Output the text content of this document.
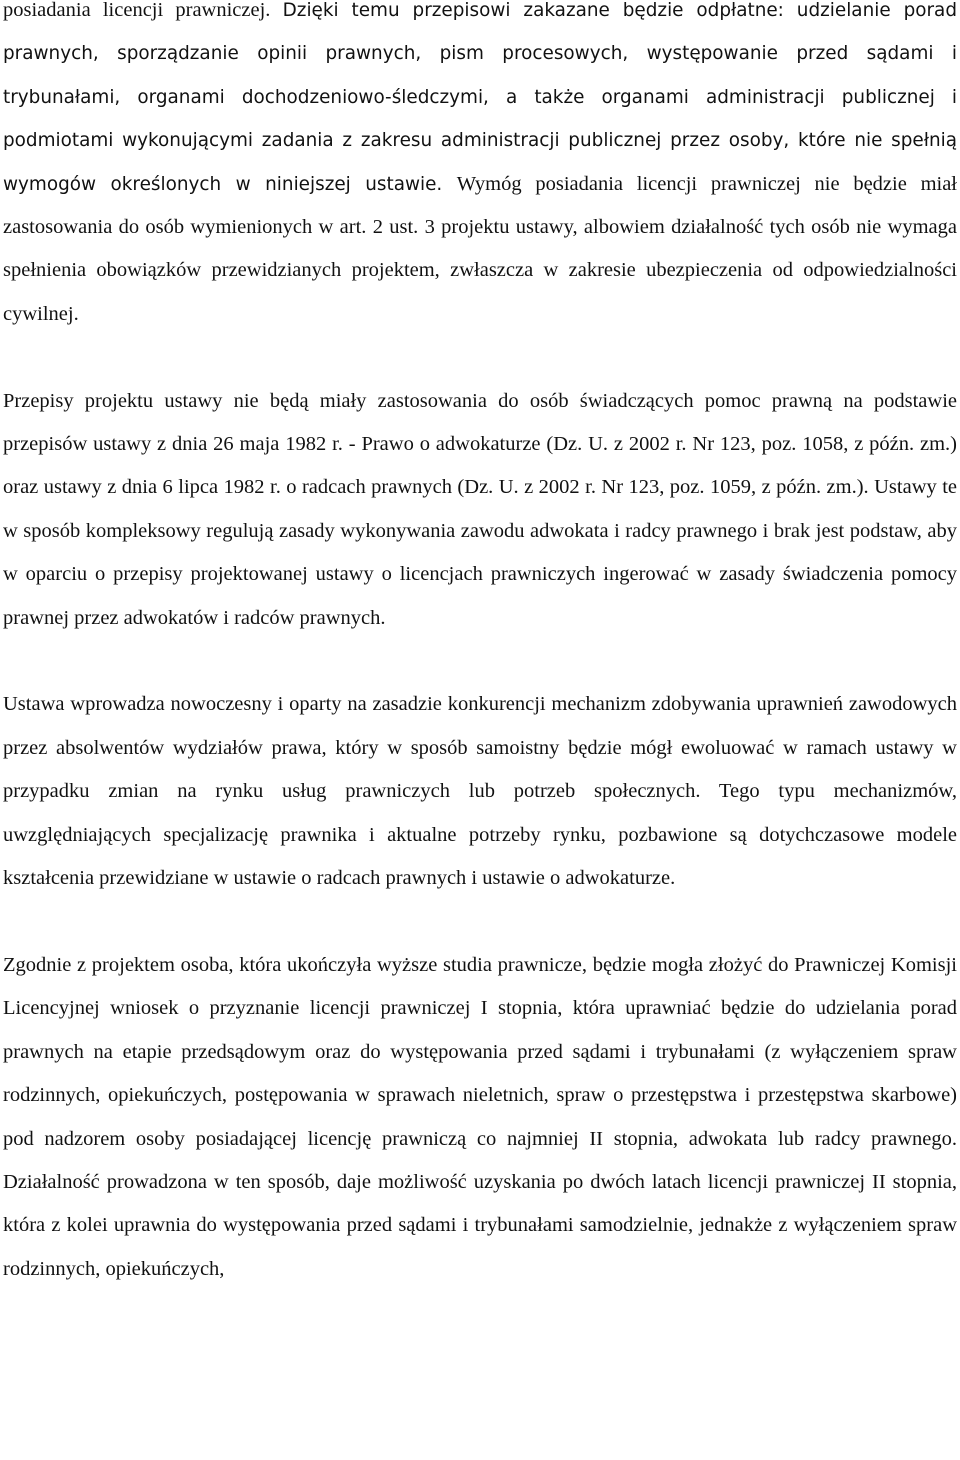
posiadania licencji prawniczej. Dzięki temu przepisowi zakazane będzie odpłatne: udzielanie porad prawnych, sporządzanie opinii prawnych, pism procesowych, występowanie przed sądami i trybunałami, organami dochodzeniowo-śledczymi, a także organami administracji publicznej i podmiotami wykonującymi zadania z zakresu administracji publicznej przez osoby, które nie spełnią wymogów określonych w niniejszej ustawie. Wymóg posiadania licencji prawniczej nie będzie miał zastosowania do osób wymienionych w art. 2 ust. 3 projektu ustawy, albowiem działalność tych osób nie wymaga spełnienia obowiązków przewidzianych projektem, zwłaszcza w zakresie ubezpieczenia od odpowiedzialności cywilnej.

Przepisy projektu ustawy nie będą miały zastosowania do osób świadczących pomoc prawną na podstawie przepisów ustawy z dnia 26 maja 1982 r. - Prawo o adwokaturze (Dz. U. z 2002 r. Nr 123, poz. 1058, z późn. zm.) oraz ustawy z dnia 6 lipca 1982 r. o radcach prawnych (Dz. U. z 2002 r. Nr 123, poz. 1059, z późn. zm.). Ustawy te w sposób kompleksowy regulują zasady wykonywania zawodu adwokata i radcy prawnego i brak jest podstaw, aby w oparciu o przepisy projektowanej ustawy o licencjach prawniczych ingerować w zasady świadczenia pomocy prawnej przez adwokatów i radców prawnych.

Ustawa wprowadza nowoczesny i oparty na zasadzie konkurencji mechanizm zdobywania uprawnień zawodowych przez absolwentów wydziałów prawa, który w sposób samoistny będzie mógł ewoluować w ramach ustawy w przypadku zmian na rynku usług prawniczych lub potrzeb społecznych. Tego typu mechanizmów, uwzględniających specjalizację prawnika i aktualne potrzeby rynku, pozbawione są dotychczasowe modele kształcenia przewidziane w ustawie o radcach prawnych i ustawie o adwokaturze.

Zgodnie z projektem osoba, która ukończyła wyższe studia prawnicze, będzie mogła złożyć do Prawniczej Komisji Licencyjnej wniosek o przyznanie licencji prawniczej I stopnia, która uprawniać będzie do udzielania porad prawnych na etapie przedsądowym oraz do występowania przed sądami i trybunałami (z wyłączeniem spraw rodzinnych, opiekuńczych, postępowania w sprawach nieletnich, spraw o przestępstwa i przestępstwa skarbowe) pod nadzorem osoby posiadającej licencję prawniczą co najmniej II stopnia, adwokata lub radcy prawnego. Działalność prowadzona w ten sposób, daje możliwość uzyskania po dwóch latach licencji prawniczej II stopnia, która z kolei uprawnia do występowania przed sądami i trybunałami samodzielnie, jednakże z wyłączeniem spraw rodzinnych, opiekuńczych,
